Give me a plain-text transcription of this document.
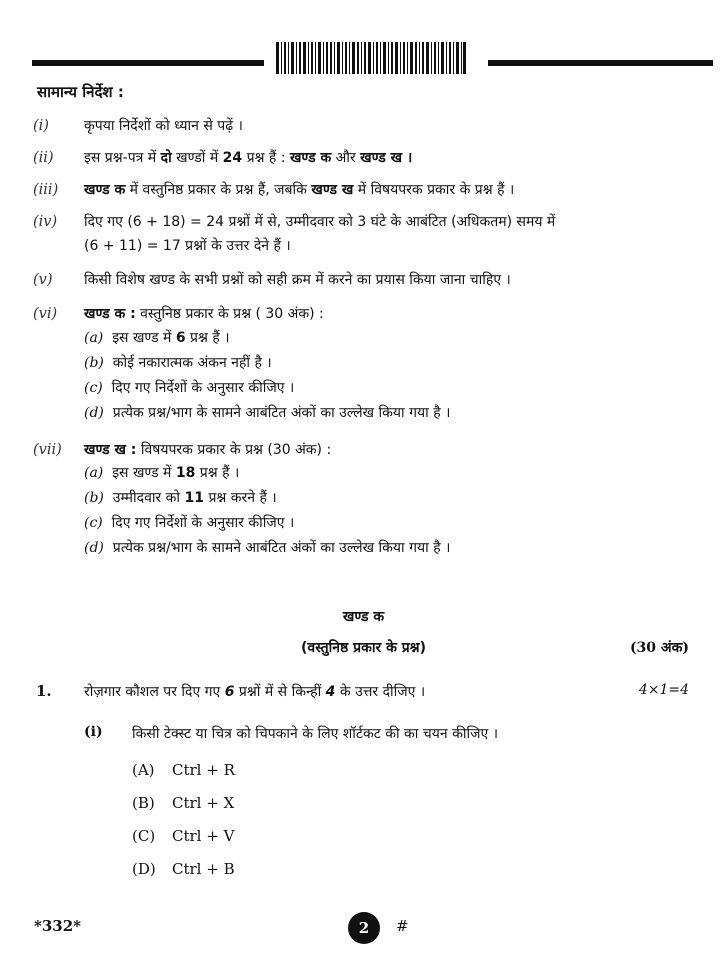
सामान्य निर्देश :
(i)	कृपया निर्देशों को ध्यान से पढ़ें ।
(ii) इस प्रश्न-पत्र में दो खण्डों में 24 प्रश्न हैं : खण्ड क और खण्ड ख ।
(iii) खण्ड क में वस्तुनिष्ठ प्रकार के प्रश्न हैं, जबकि खण्ड ख में विषयपरक प्रकार के प्रश्न हैं ।
(iv) दिए गए (6 + 18) = 24 प्रश्नों में से, उम्मीदवार को 3 घंटे के आबंटित (अधिकतम) समय में
(6 + 11) = 17 प्रश्नों के उत्तर देने हैं ।
(v) किसी विशेष खण्ड के सभी प्रश्नों को सही क्रम में करने का प्रयास किया जाना चाहिए ।
(vi) खण्ड क : वस्तुनिष्ठ प्रकार के प्रश्न ( 30 अंक) :
(a) इस खण्ड में 6 प्रश्न हैं ।
(b) कोई नकारात्मक अंकन नहीं है ।
(c) दिए गए निर्देशों के अनुसार कीजिए ।
(d) प्रत्येक प्रश्न/भाग के सामने आबंटित अंकों का उल्लेख किया गया है ।
(vii) खण्ड ख : विषयपरक प्रकार के प्रश्न (30 अंक) :
(a) इस खण्ड में 18 प्रश्न हैं ।
(b) उम्मीदवार को 11 प्रश्न करने हैं ।
(c) दिए गए निर्देशों के अनुसार कीजिए ।
(d) प्रत्येक प्रश्न/भाग के सामने आबंटित अंकों का उल्लेख किया गया है ।
खण्ड क
(वस्तुनिष्ठ प्रकार के प्रश्न)	(30 अंक)
1. रोज़गार कौशल पर दिए गए 6 प्रश्नों में से किन्हीं 4 के उत्तर दीजिए ।	4×1=4
(i) किसी टेक्स्ट या चित्र को चिपकाने के लिए शॉर्टकट की का चयन कीजिए ।
(A) Ctrl + R
(B) Ctrl + X
(C) Ctrl + V
(D) Ctrl + B
*332*	2	#
